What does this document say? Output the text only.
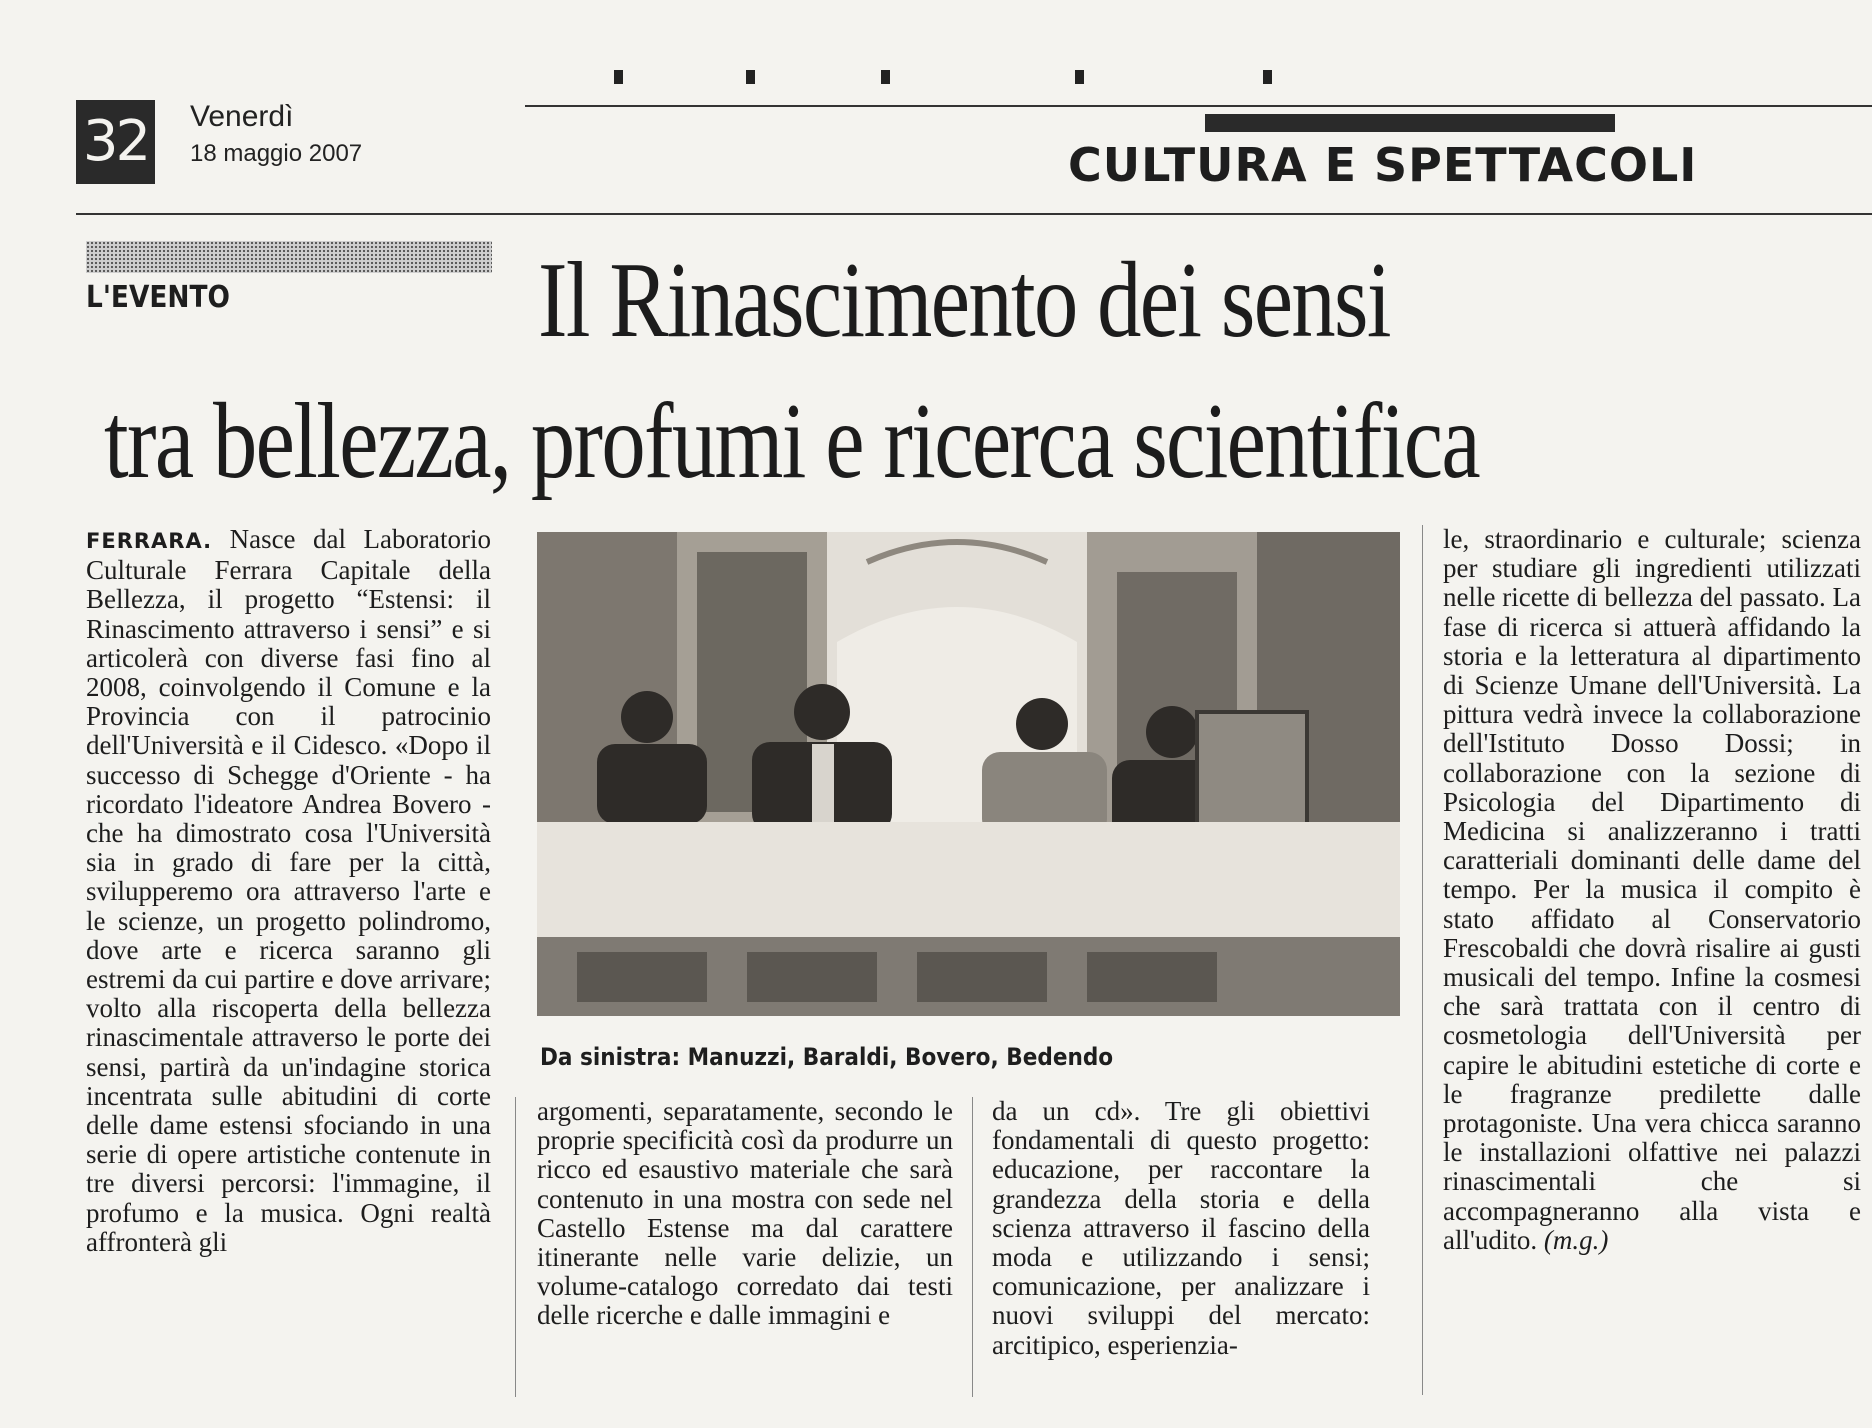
32 Venerdì
18 maggio 2007	CULTURA E SPETTACOLI
L'EVENTO	Il Rinascimento dei sensi
tra bellezza, profumi e ricerca scientifica

FERRARA. Nasce dal Laboratorio Culturale Ferrara Capitale della Bellezza, il progetto “Estensi: il Rinascimento attraverso i sensi” e si articolerà con diverse fasi fino al 2008, coinvolgendo il Comune e la Provincia con il patrocinio dell'Università e il Cidesco. «Dopo il successo di Schegge d'Oriente - ha ricordato l'ideatore Andrea Bovero - che ha dimostrato cosa l'Università sia in grado di fare per la città, svilupperemo ora attraverso l'arte e le scienze, un progetto polindromo, dove arte e ricerca saranno gli estremi da cui partire e dove arrivare; volto alla riscoperta della bellezza rinascimentale attraverso le porte dei sensi, partirà da un'indagine storica incentrata sulle abitudini di corte delle dame estensi sfociando in una serie di opere artistiche contenute in tre diversi percorsi: l'immagine, il profumo e la musica. Ogni realtà affronterà gli

Da sinistra: Manuzzi, Baraldi, Bovero, Bedendo

argomenti, separatamente, secondo le proprie specificità così da produrre un ricco ed esaustivo materiale che sarà contenuto in una mostra con sede nel Castello Estense ma dal carattere itinerante nelle varie delizie, un volume-catalogo corredato dai testi delle ricerche e dalle immagini e

da un cd». Tre gli obiettivi fondamentali di questo progetto: educazione, per raccontare la grandezza della storia e della scienza attraverso il fascino della moda e utilizzando i sensi; comunicazione, per analizzare i nuovi sviluppi del mercato: arcitipico, esperienzia-

le, straordinario e culturale; scienza per studiare gli ingredienti utilizzati nelle ricette di bellezza del passato. La fase di ricerca si attuerà affidando la storia e la letteratura al dipartimento di Scienze Umane dell'Università. La pittura vedrà invece la collaborazione dell'Istituto Dosso Dossi; in collaborazione con la sezione di Psicologia del Dipartimento di Medicina si analizzeranno i tratti caratteriali dominanti delle dame del tempo. Per la musica il compito è stato affidato al Conservatorio Frescobaldi che dovrà risalire ai gusti musicali del tempo. Infine la cosmesi che sarà trattata con il centro di cosmetologia dell'Università per capire le abitudini estetiche di corte e le fragranze predilette dalle protagoniste. Una vera chicca saranno le installazioni olfattive nei palazzi rinascimentali che si accompagneranno alla vista e all'udito. (m.g.)
